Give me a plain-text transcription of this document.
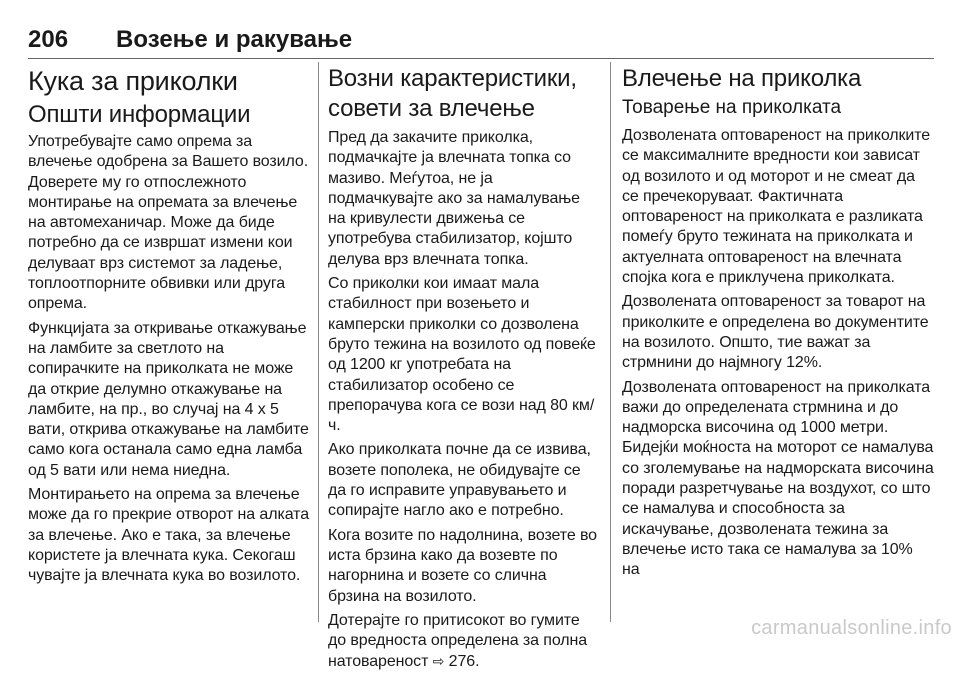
206 Возење и ракување
Кука за приколки
Општи информации

Употребувајте само опрема за влечење одобрена за Вашето возило. Доверете му го отпослежното монтирање на опремата за влечење на автомеханичар. Може да биде потребно да се извршат измени кои делуваат врз системот за ладење, топлоотпорните обвивки или друга опрема.

Функцијата за откривање откажување на ламбите за светлото на сопирачките на приколката не може да открие делумно откажување на ламбите, на пр., во случај на 4 x 5 вати, открива откажување на ламбите само кога останала само една ламба од 5 вати или нема ниедна.

Монтирањето на опрема за влечење може да го прекрие отворот на алката за влечење. Ако е така, за влечење користете ја влечната кука. Секогаш чувајте ја влечната кука во возилото.

Возни карактеристики, совети за влечење

Пред да закачите приколка, подмачкајте ја влечната топка со мазиво. Меѓутоа, не ја подмачкувајте ако за намалување на кривулести движења се употребува стабилизатор, којшто делува врз влечната топка.

Со приколки кои имаат мала стабилност при возењето и камперски приколки со дозволена бруто тежина на возилото од повеќе од 1200 кг употребата на стабилизатор особено се препорачува кога се вози над 80 км/ч.

Ако приколката почне да се извива, возете пополека, не обидувајте се да го исправите управувањето и сопирајте нагло ако е потребно.

Кога возите по надолнина, возете во иста брзина како да возевте по нагорнина и возете со слична брзина на возилото.

Дотерајте го притисокот во гумите до вредноста определена за полна натовареност ⇨ 276.

Влечење на приколка
Товарење на приколката

Дозволената оптовареност на приколките се максималните вредности кои зависат од возилото и од моторот и не смеат да се пречекоруваат. Фактичната оптовареност на приколката е разликата помеѓу бруто тежината на приколката и актуелната оптовареност на влечната спојка кога е приклучена приколката.

Дозволената оптовареност за товарот на приколките е определена во документите на возилото. Општо, тие важат за стрмнини до најмногу 12%.

Дозволената оптовареност на приколката важи до определената стрмнина и до надморска височина од 1000 метри. Бидејќи моќноста на моторот се намалува со зголемување на надморската височина поради разретчување на воздухот, со што се намалува и способноста за искачување, дозволената тежина за влечење исто така се намалува за 10% на

carmanualsonline.info
